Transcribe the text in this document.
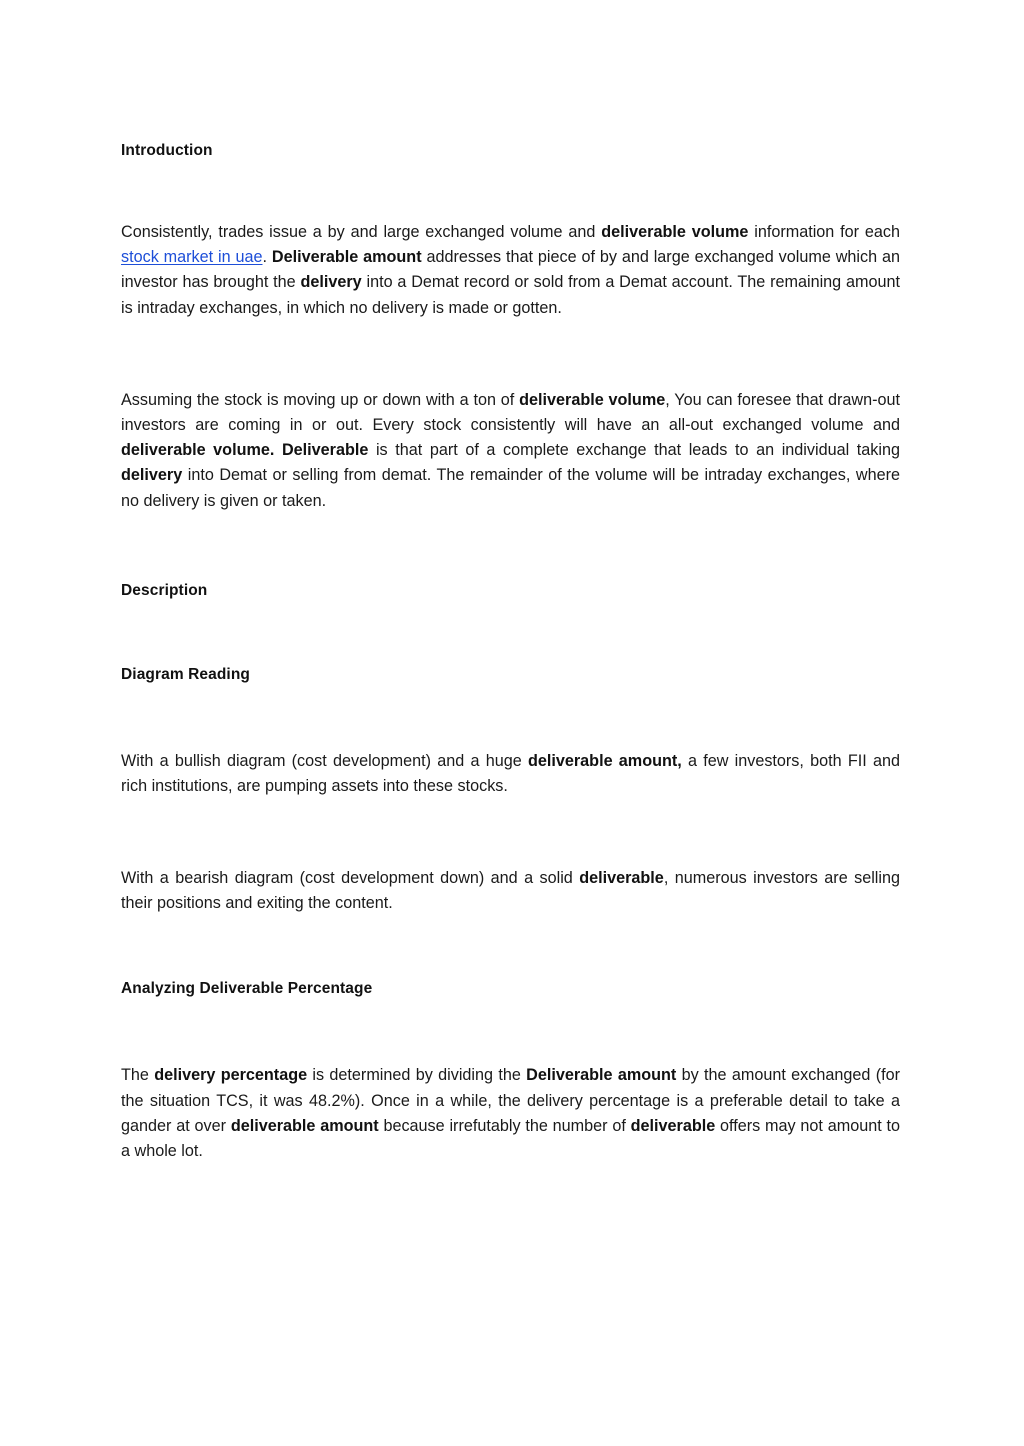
Introduction

Consistently, trades issue a by and large exchanged volume and deliverable volume information for each stock market in uae. Deliverable amount addresses that piece of by and large exchanged volume which an investor has brought the delivery into a Demat record or sold from a Demat account. The remaining amount is intraday exchanges, in which no delivery is made or gotten.

Assuming the stock is moving up or down with a ton of deliverable volume, You can foresee that drawn-out investors are coming in or out. Every stock consistently will have an all-out exchanged volume and deliverable volume. Deliverable is that part of a complete exchange that leads to an individual taking delivery into Demat or selling from demat. The remainder of the volume will be intraday exchanges, where no delivery is given or taken.

Description
Diagram Reading

With a bullish diagram (cost development) and a huge deliverable amount, a few investors, both FII and rich institutions, are pumping assets into these stocks.

With a bearish diagram (cost development down) and a solid deliverable, numerous investors are selling their positions and exiting the content.

Analyzing Deliverable Percentage

The delivery percentage is determined by dividing the Deliverable amount by the amount exchanged (for the situation TCS, it was 48.2%). Once in a while, the delivery percentage is a preferable detail to take a gander at over deliverable amount because irrefutably the number of deliverable offers may not amount to a whole lot.
